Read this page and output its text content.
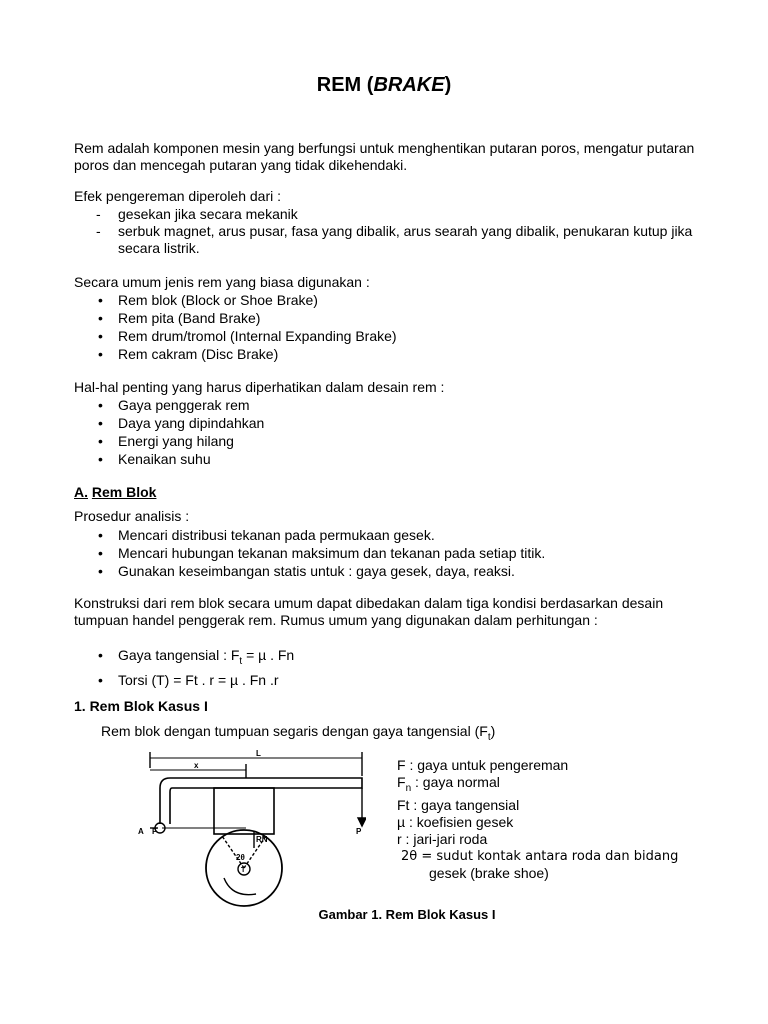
REM (BRAKE)
Rem adalah komponen mesin yang berfungsi untuk menghentikan putaran poros, mengatur putaran poros dan mencegah putaran yang tidak dikehendaki.
Efek pengereman diperoleh dari :
- gesekan jika secara mekanik
- serbuk magnet, arus pusar, fasa yang dibalik, arus searah yang dibalik, penukaran kutup jika secara listrik.
Secara umum jenis rem yang biasa digunakan :
• Rem blok (Block or Shoe Brake)
• Rem pita (Band Brake)
• Rem drum/tromol (Internal Expanding Brake)
• Rem cakram (Disc Brake)
Hal-hal penting yang harus diperhatikan dalam desain rem :
• Gaya penggerak rem
• Daya yang dipindahkan
• Energi yang hilang
• Kenaikan suhu
A. Rem Blok
Prosedur analisis :
• Mencari distribusi tekanan pada permukaan gesek.
• Mencari hubungan tekanan maksimum dan tekanan pada setiap titik.
• Gunakan keseimbangan statis untuk : gaya gesek, daya, reaksi.
Konstruksi dari rem blok secara umum dapat dibedakan dalam tiga kondisi berdasarkan desain tumpuan handel penggerak rem. Rumus umum yang digunakan dalam perhitungan :
• Gaya tangensial : $F_t = \mu$ . Fn
• Torsi (T) = Ft . r = µ . Fn .r
1. Rem Blok Kasus I
Rem blok dengan tumpuan segaris dengan gaya tangensial $(F_t)$
L
x
A F	P
RN
2θ
T
F : gaya untuk pengereman
$F_n$ : gaya normal
Ft : gaya tangensial
µ : koefisien gesek
r : jari-jari roda
2θ = sudut kontak antara roda dan bidang
gesek (brake shoe)
Gambar 1. Rem Blok Kasus I
